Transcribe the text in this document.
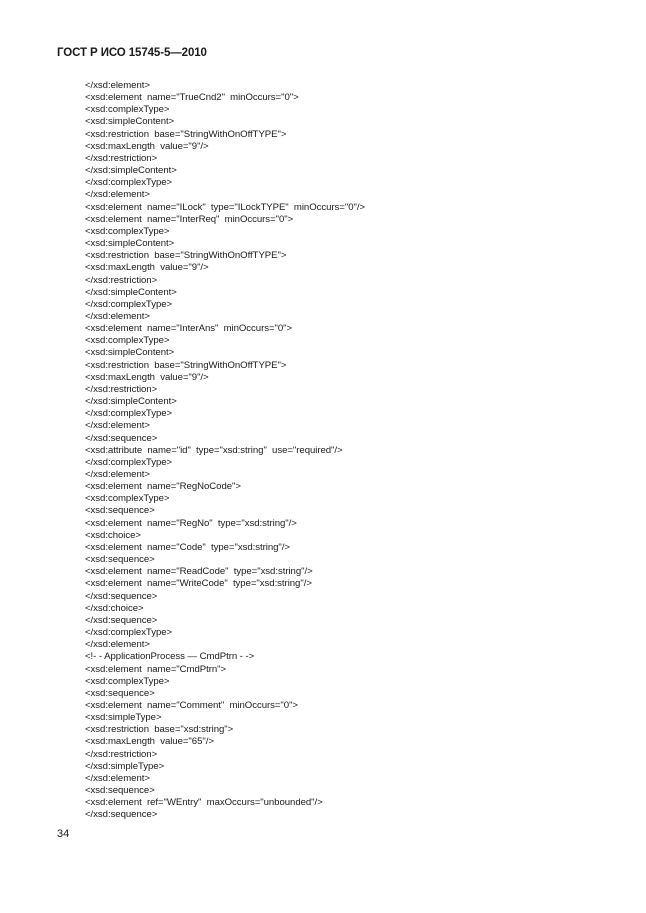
ГОСТ Р ИСО 15745-5—2010
</xsd:element>
<xsd:element  name="TrueCnd2"  minOccurs="0">
<xsd:complexType>
<xsd:simpleContent>
<xsd:restriction  base="StringWithOnOffTYPE">
<xsd:maxLength  value="9"/>
</xsd:restriction>
</xsd:simpleContent>
</xsd:complexType>
</xsd:element>
<xsd:element  name="ILock"  type="ILockTYPE"  minOccurs="0"/>
<xsd:element  name="InterReq"  minOccurs="0">
<xsd:complexType>
<xsd:simpleContent>
<xsd:restriction  base="StringWithOnOffTYPE">
<xsd:maxLength  value="9"/>
</xsd:restriction>
</xsd:simpleContent>
</xsd:complexType>
</xsd:element>
<xsd:element  name="InterAns"  minOccurs="0">
<xsd:complexType>
<xsd:simpleContent>
<xsd:restriction  base="StringWithOnOffTYPE">
<xsd:maxLength  value="9"/>
</xsd:restriction>
</xsd:simpleContent>
</xsd:complexType>
</xsd:element>
</xsd:sequence>
<xsd:attribute  name="id"  type="xsd:string"  use="required"/>
</xsd:complexType>
</xsd:element>
<xsd:element  name="RegNoCode">
<xsd:complexType>
<xsd:sequence>
<xsd:element  name="RegNo"  type="xsd:string"/>
<xsd:choice>
<xsd:element  name="Code"  type="xsd:string"/>
<xsd:sequence>
<xsd:element  name="ReadCode"  type="xsd:string"/>
<xsd:element  name="WriteCode"  type="xsd:string"/>
</xsd:sequence>
</xsd:choice>
</xsd:sequence>
</xsd:complexType>
</xsd:element>
<!- - ApplicationProcess — CmdPtrn - ->
<xsd:element  name="CmdPtrn">
<xsd:complexType>
<xsd:sequence>
<xsd:element  name="Comment"  minOccurs="0">
<xsd:simpleType>
<xsd:restriction  base="xsd:string">
<xsd:maxLength  value="65"/>
</xsd:restriction>
</xsd:simpleType>
</xsd:element>
<xsd:sequence>
<xsd:element  ref="WEntry"  maxOccurs="unbounded"/>
</xsd:sequence>
34
